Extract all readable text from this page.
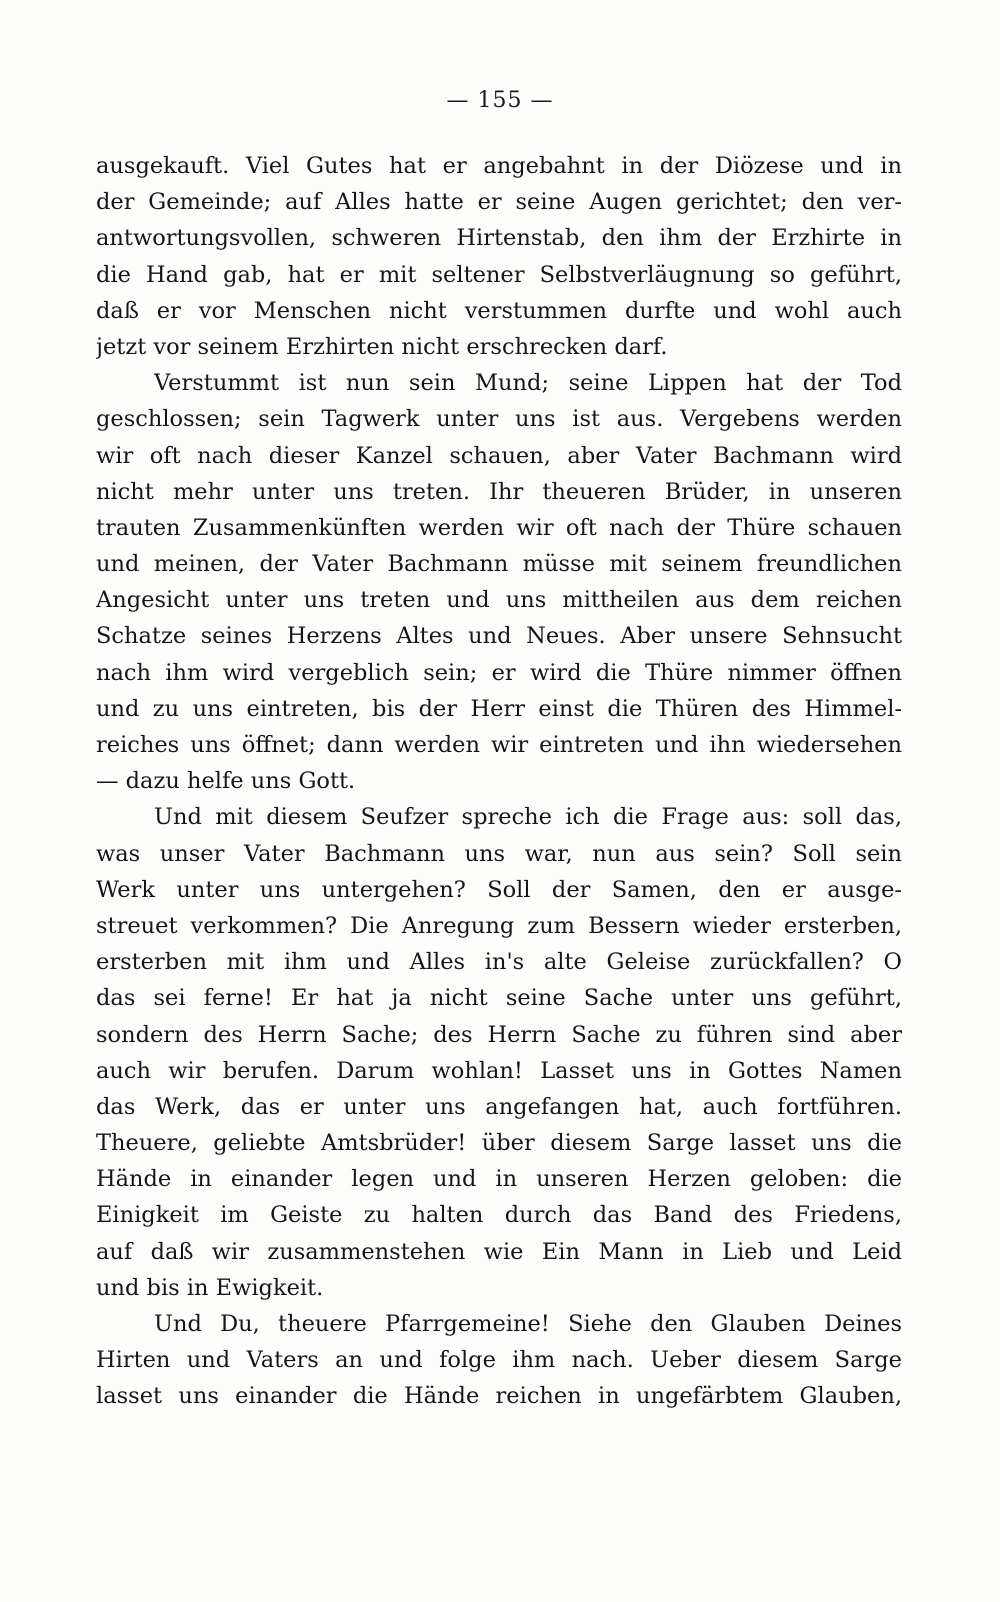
— 155 —
ausgekauft. Viel Gutes hat er angebahnt in der Diözese und in
der Gemeinde; auf Alles hatte er seine Augen gerichtet; den ver-
antwortungsvollen, schweren Hirtenstab, den ihm der Erzhirte in
die Hand gab, hat er mit seltener Selbstverläugnung so geführt,
daß er vor Menschen nicht verstummen durfte und wohl auch
jetzt vor seinem Erzhirten nicht erschrecken darf.
Verstummt ist nun sein Mund; seine Lippen hat der Tod
geschlossen; sein Tagwerk unter uns ist aus. Vergebens werden
wir oft nach dieser Kanzel schauen, aber Vater Bachmann wird
nicht mehr unter uns treten. Ihr theueren Brüder, in unseren
trauten Zusammenkünften werden wir oft nach der Thüre schauen
und meinen, der Vater Bachmann müsse mit seinem freundlichen
Angesicht unter uns treten und uns mittheilen aus dem reichen
Schatze seines Herzens Altes und Neues. Aber unsere Sehnsucht
nach ihm wird vergeblich sein; er wird die Thüre nimmer öffnen
und zu uns eintreten, bis der Herr einst die Thüren des Himmel-
reiches uns öffnet; dann werden wir eintreten und ihn wiedersehen
— dazu helfe uns Gott.
Und mit diesem Seufzer spreche ich die Frage aus: soll das,
was unser Vater Bachmann uns war, nun aus sein? Soll sein
Werk unter uns untergehen? Soll der Samen, den er ausge-
streuet verkommen? Die Anregung zum Bessern wieder ersterben,
ersterben mit ihm und Alles in's alte Geleise zurückfallen? O
das sei ferne! Er hat ja nicht seine Sache unter uns geführt,
sondern des Herrn Sache; des Herrn Sache zu führen sind aber
auch wir berufen. Darum wohlan! Lasset uns in Gottes Namen
das Werk, das er unter uns angefangen hat, auch fortführen.
Theuere, geliebte Amtsbrüder! über diesem Sarge lasset uns die
Hände in einander legen und in unseren Herzen geloben: die
Einigkeit im Geiste zu halten durch das Band des Friedens,
auf daß wir zusammenstehen wie Ein Mann in Lieb und Leid
und bis in Ewigkeit.
Und Du, theuere Pfarrgemeine! Siehe den Glauben Deines
Hirten und Vaters an und folge ihm nach. Ueber diesem Sarge
lasset uns einander die Hände reichen in ungefärbtem Glauben,
